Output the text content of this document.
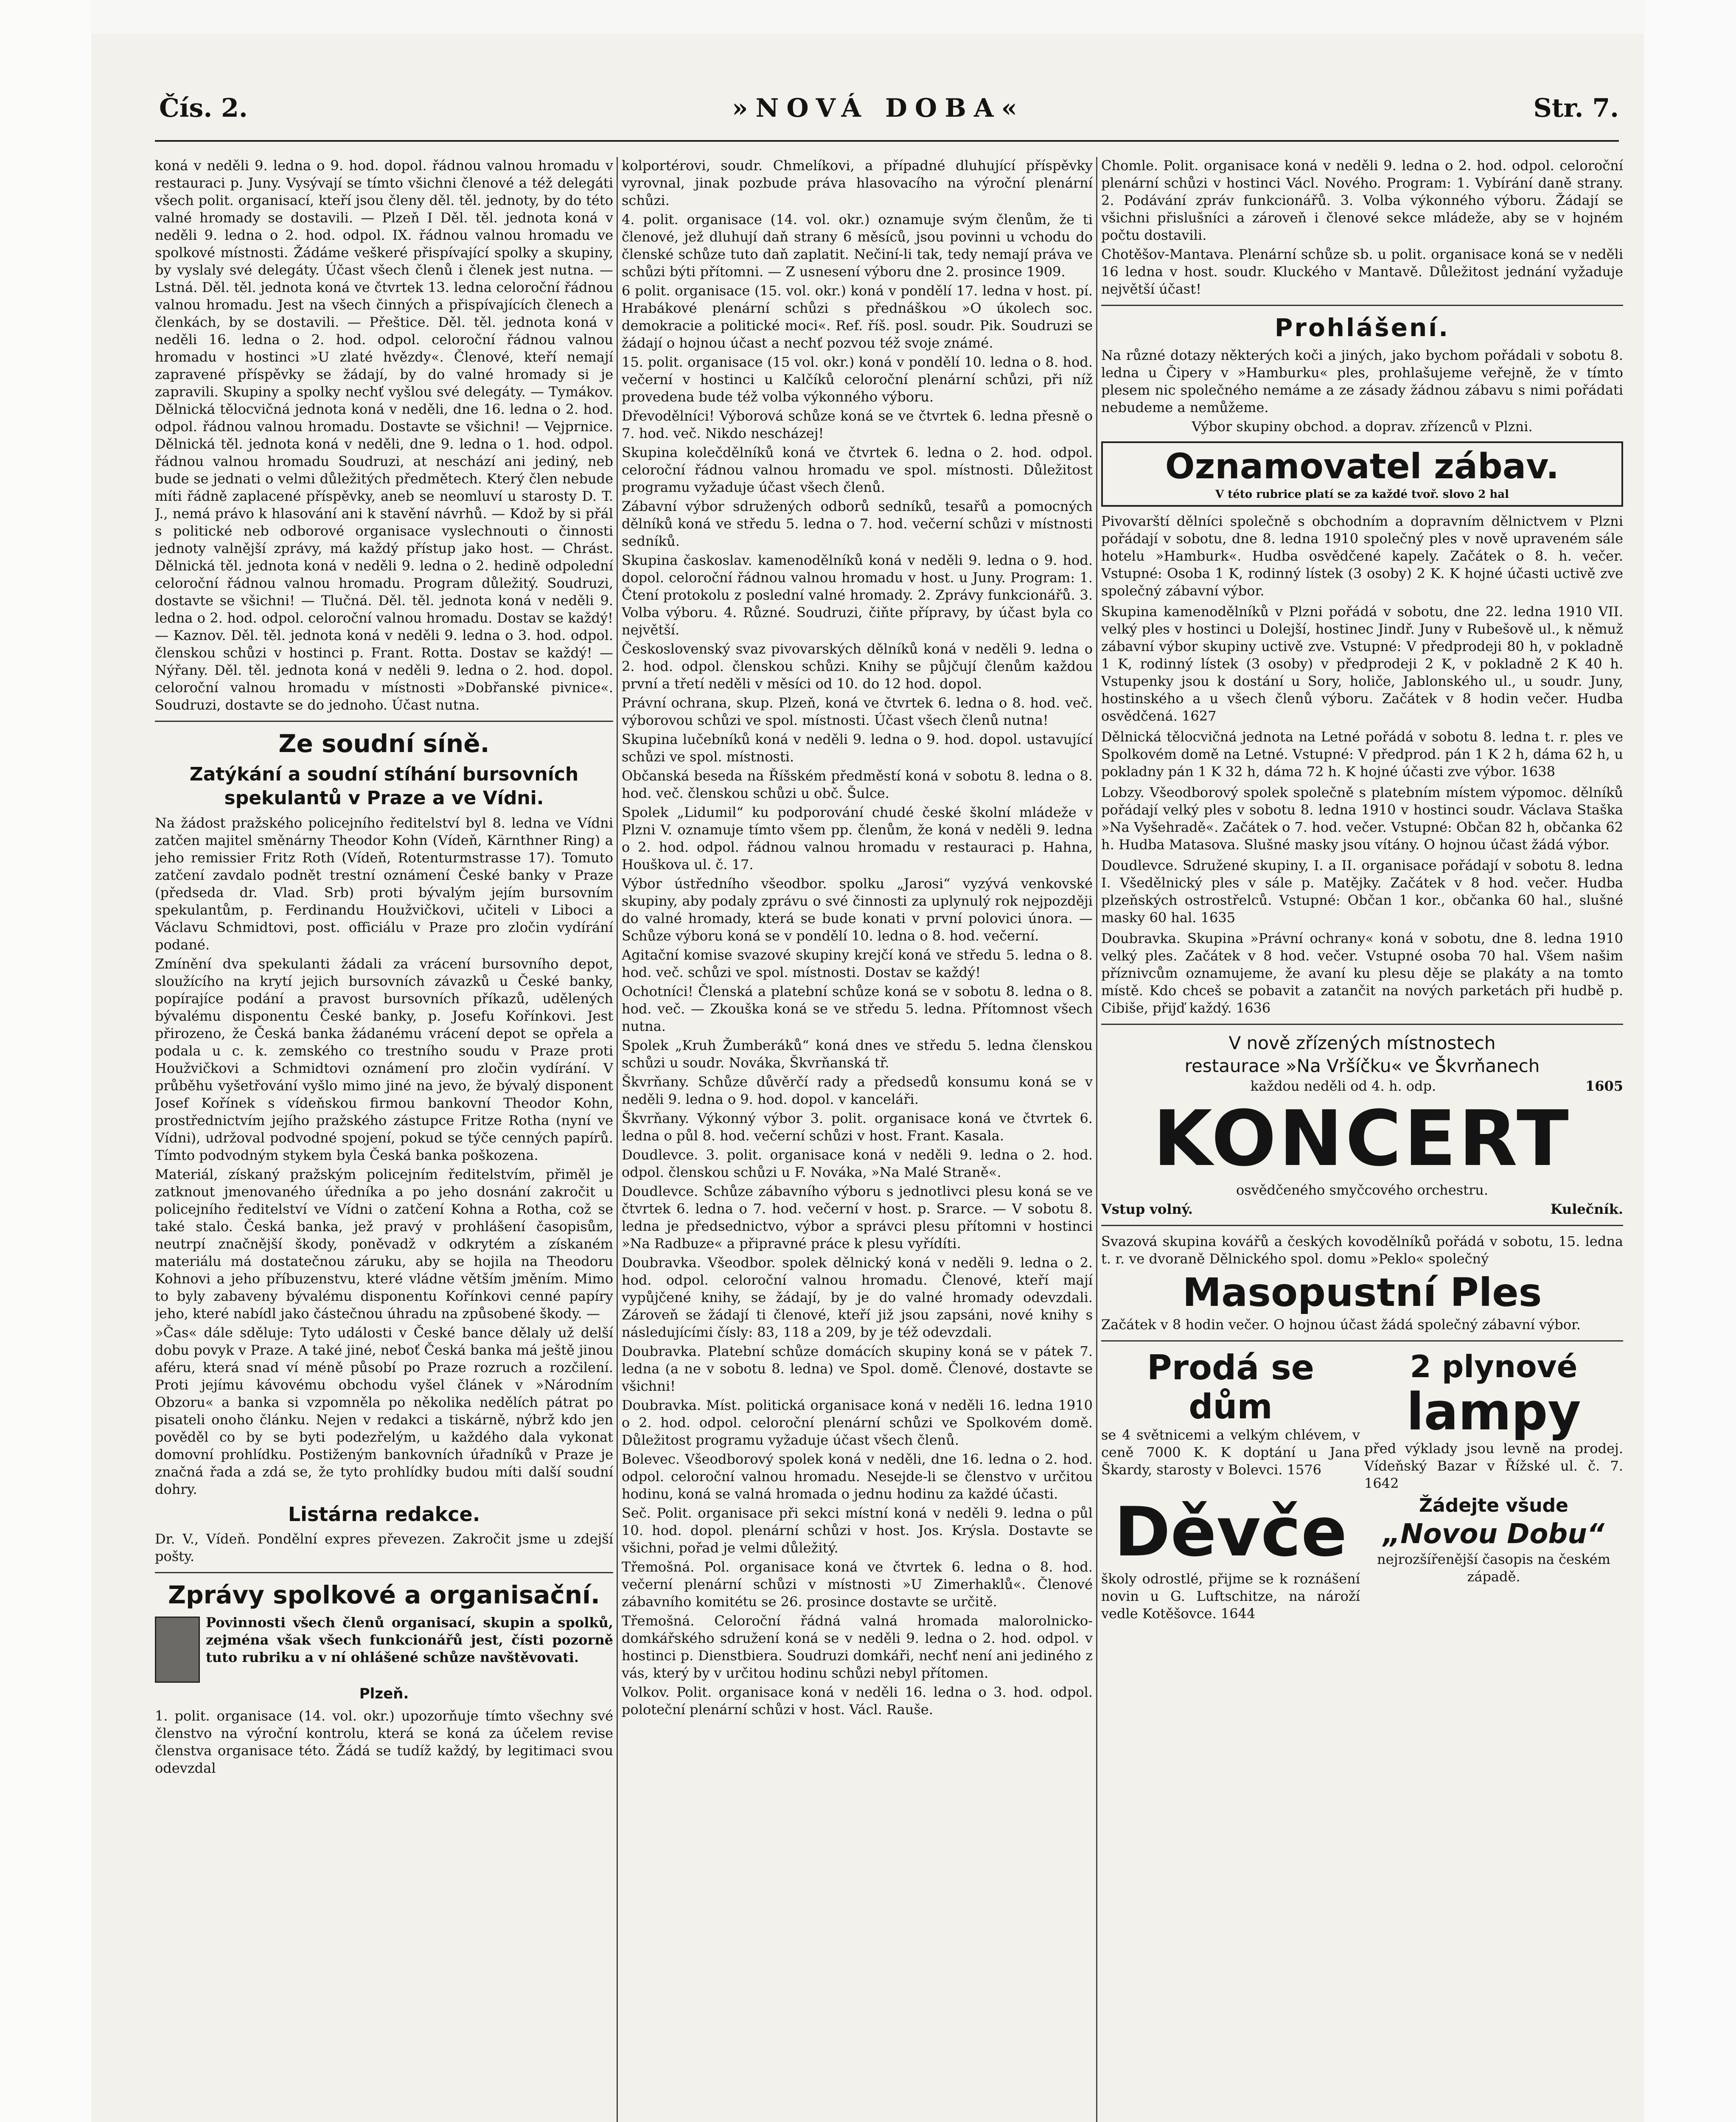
Čís. 2.	»NOVÁ DOBA«	Str. 7.

koná v neděli 9. ledna o 9. hod. dopol. řádnou valnou hromadu v restauraci p. Juny. Vysývají se tímto všichni členové a též delegáti všech polit. organisací, kteří jsou členy děl. těl. jednoty, by do této valné hromady se dostavili. — Plzeň I Děl. těl. jednota koná v neděli 9. ledna o 2. hod. odpol. IX. řádnou valnou hromadu ve spolkové místnosti. Žádáme veškeré přispívající spolky a skupiny, by vyslaly své delegáty. Účast všech členů i členek jest nutna. — Lstná. Děl. těl. jednota koná ve čtvrtek 13. ledna celoroční řádnou valnou hromadu. Jest na všech činných a přispívajících členech a členkách, by se dostavili. — Přeštice. Děl. těl. jednota koná v neděli 16. ledna o 2. hod. odpol. celoroční řádnou valnou hromadu v hostinci »U zlaté hvězdy«. Členové, kteří nemají zapravené příspěvky se žádají, by do valné hromady si je zapravili. Skupiny a spolky nechť vyšlou své delegáty. — Tymákov. Dělnická tělocvičná jednota koná v neděli, dne 16. ledna o 2. hod. odpol. řádnou valnou hromadu. Dostavte se všichni! — Vejprnice. Dělnická těl. jednota koná v neděli, dne 9. ledna o 1. hod. odpol. řádnou valnou hromadu Soudruzi, at neschází ani jediný, neb bude se jednati o velmi důležitých předmětech. Který člen nebude míti řádně zaplacené příspěvky, aneb se neomluví u starosty D. T. J., nemá právo k hlasování ani k stavění návrhů. — Kdož by si přál s politické neb odborové organisace vyslechnouti o činnosti jednoty valnější zprávy, má každý přístup jako host. — Chrást. Dělnická těl. jednota koná v neděli 9. ledna o 2. hedině odpolední celoroční řádnou valnou hromadu. Program důležitý. Soudruzi, dostavte se všichni! — Tlučná. Děl. těl. jednota koná v neděli 9. ledna o 2. hod. odpol. celoroční valnou hromadu. Dostav se každý! — Kaznov. Děl. těl. jednota koná v neděli 9. ledna o 3. hod. odpol. členskou schůzi v hostinci p. Frant. Rotta. Dostav se každý! — Nýřany. Děl. těl. jednota koná v neděli 9. ledna o 2. hod. dopol. celoroční valnou hromadu v místnosti »Dobřanské pivnice«. Soudruzi, dostavte se do jednoho. Účast nutna.

Ze soudní síně.
Zatýkání a soudní stíhání bursovních spekulantů v Praze a ve Vídni.

Na žádost pražského policejního ředitelství byl 8. ledna ve Vídni zatčen majitel směnárny Theodor Kohn (Vídeň, Kärnthner Ring) a jeho remissier Fritz Roth (Vídeň, Rotenturmstrasse 17). Tomuto zatčení zavdalo podnět trestní oznámení České banky v Praze (předseda dr. Vlad. Srb) proti bývalým jejím bursovním spekulantům, p. Ferdinandu Houžvičkovi, učiteli v Liboci a Václavu Schmidtovi, post. officiálu v Praze pro zločin vydírání podané.

Zmínění dva spekulanti žádali za vrácení bursovního depot, sloužícího na krytí jejich bursovních závazků u České banky, popírajíce podání a pravost bursovních příkazů, udělených bývalému disponentu České banky, p. Josefu Kořínkovi. Jest přirozeno, že Česká banka žádanému vrácení depot se opřela a podala u c. k. zemského co trestního soudu v Praze proti Houžvičkovi a Schmidtovi oznámení pro zločin vydírání. V průběhu vyšetřování vyšlo mimo jiné na jevo, že bývalý disponent Josef Kořínek s vídeňskou firmou bankovní Theodor Kohn, prostřednictvím jejího pražského zástupce Fritze Rotha (nyní ve Vídni), udržoval podvodné spojení, pokud se týče cenných papírů. Tímto podvodným stykem byla Česká banka poškozena.

Materiál, získaný pražským policejním ředitelstvím, přiměl je zatknout jmenovaného úředníka a po jeho dosnání zakročit u policejního ředitelství ve Vídni o zatčení Kohna a Rotha, což se také stalo. Česká banka, jež pravý v prohlášení časopisům, neutrpí značnější škody, poněvadž v odkrytém a získaném materiálu má dostatečnou záruku, aby se hojila na Theodoru Kohnovi a jeho příbuzenstvu, které vládne větším jměním. Mimo to byly zabaveny bývalému disponentu Kořínkovi cenné papíry jeho, které nabídl jako částečnou úhradu na způsobené škody. —

»Čas« dále sděluje: Tyto události v České bance dělaly už delší dobu povyk v Praze. A také jiné, neboť Česká banka má ještě jinou aféru, která snad ví méně působí po Praze rozruch a rozčilení. Proti jejímu kávovému obchodu vyšel článek v »Národním Obzoru« a banka si vzpomněla po několika nedělích pátrat po pisateli onoho článku. Nejen v redakci a tiskárně, nýbrž kdo jen pověděl co by se byti podezřelým, u každého dala vykonat domovní prohlídku. Postiženým bankovních úřadníků v Praze je značná řada a zdá se, že tyto prohlídky budou míti další soudní dohry.

Listárna redakce.

Dr. V., Vídeň. Pondělní expres převezen. Zakročit jsme u zdejší pošty.

Zprávy spolkové a organisační.

Povinnosti všech členů organisací, skupin a spolků, zejména však všech funkcionářů jest, čísti pozorně tuto rubriku a v ní ohlášené schůze navštěvovati.

Plzeň.

1. polit. organisace (14. vol. okr.) upozorňuje tímto všechny své členstvo na výroční kontrolu, která se koná za účelem revise členstva organisace této. Žádá se tudíž každý, by legitimaci svou odevzdal

kolportérovi, soudr. Chmelíkovi, a případné dluhující příspěvky vyrovnal, jinak pozbude práva hlasovacího na výroční plenární schůzi.

4. polit. organisace (14. vol. okr.) oznamuje svým členům, že ti členové, jež dluhují daň strany 6 měsíců, jsou povinni u vchodu do členské schůze tuto daň zaplatit. Nečiní-li tak, tedy nemají práva ve schůzi býti přítomni. — Z usnesení výboru dne 2. prosince 1909.

6 polit. organisace (15. vol. okr.) koná v pondělí 17. ledna v host. pí. Hrabákové plenární schůzi s přednáškou »O úkolech soc. demokracie a politické moci«. Ref. říš. posl. soudr. Pik. Soudruzi se žádají o hojnou účast a nechť pozvou též svoje známé.

15. polit. organisace (15 vol. okr.) koná v pondělí 10. ledna o 8. hod. večerní v hostinci u Kalčíků celoroční plenární schůzi, při níž provedena bude též volba výkonného výboru.

Dřevodělníci! Výborová schůze koná se ve čtvrtek 6. ledna přesně o 7. hod. več. Nikdo nescházej!

Skupina kolečdělníků koná ve čtvrtek 6. ledna o 2. hod. odpol. celoroční řádnou valnou hromadu ve spol. místnosti. Důležitost programu vyžaduje účast všech členů.

Zábavní výbor sdružených odborů sedníků, tesařů a pomocných dělníků koná ve středu 5. ledna o 7. hod. večerní schůzi v místnosti sedníků.

Skupina časkoslav. kamenodělníků koná v neděli 9. ledna o 9. hod. dopol. celoroční řádnou valnou hromadu v host. u Juny. Program: 1. Čtení protokolu z poslední valné hromady. 2. Zprávy funkcionářů. 3. Volba výboru. 4. Různé. Soudruzi, čiňte přípravy, by účast byla co největší.

Československý svaz pivovarských dělníků koná v neděli 9. ledna o 2. hod. odpol. členskou schůzi. Knihy se půjčují členům každou první a třetí neděli v měsíci od 10. do 12 hod. dopol.

Právní ochrana, skup. Plzeň, koná ve čtvrtek 6. ledna o 8. hod. več. výborovou schůzi ve spol. místnosti. Účast všech členů nutna!

Skupina lučebníků koná v neděli 9. ledna o 9. hod. dopol. ustavující schůzi ve spol. místnosti.

Občanská beseda na Říšském předměstí koná v sobotu 8. ledna o 8. hod. več. členskou schůzi u obč. Šulce.

Spolek „Lidumil“ ku podporování chudé české školní mládeže v Plzni V. oznamuje tímto všem pp. členům, že koná v neděli 9. ledna o 2. hod. odpol. řádnou valnou hromadu v restauraci p. Hahna, Houškova ul. č. 17.

Výbor ústředního všeodbor. spolku „Jarosi“ vyzývá venkovské skupiny, aby podaly zprávu o své činnosti za uplynulý rok nejpozději do valné hromady, která se bude konati v první polovici února. — Schůze výboru koná se v pondělí 10. ledna o 8. hod. večerní.

Agitační komise svazové skupiny krejčí koná ve středu 5. ledna o 8. hod. več. schůzi ve spol. místnosti. Dostav se každý!

Ochotníci! Členská a platební schůze koná se v sobotu 8. ledna o 8. hod. več. — Zkouška koná se ve středu 5. ledna. Přítomnost všech nutna.

Spolek „Kruh Žumberáků“ koná dnes ve středu 5. ledna členskou schůzi u soudr. Nováka, Škvrňanská tř.

Škvrňany. Schůze důvěrčí rady a předsedů konsumu koná se v neděli 9. ledna o 9. hod. dopol. v kanceláři.

Škvrňany. Výkonný výbor 3. polit. organisace koná ve čtvrtek 6. ledna o půl 8. hod. večerní schůzi v host. Frant. Kasala.

Doudlevce. 3. polit. organisace koná v neděli 9. ledna o 2. hod. odpol. členskou schůzi u F. Nováka, »Na Malé Straně«.

Doudlevce. Schůze zábavního výboru s jednotlivci plesu koná se ve čtvrtek 6. ledna o 7. hod. večerní v host. p. Srarce. — V sobotu 8. ledna je předsednictvo, výbor a správci plesu přítomni v hostinci »Na Radbuze« a připravné práce k plesu vyřídíti.

Doubravka. Všeodbor. spolek dělnický koná v neděli 9. ledna o 2. hod. odpol. celoroční valnou hromadu. Členové, kteří mají vypůjčené knihy, se žádají, by je do valné hromady odevzdali. Zároveň se žádají ti členové, kteří již jsou zapsáni, nové knihy s následujícími čísly: 83, 118 a 209, by je též odevzdali.

Doubravka. Platební schůze domácích skupiny koná se v pátek 7. ledna (a ne v sobotu 8. ledna) ve Spol. domě. Členové, dostavte se všichni!

Doubravka. Míst. politická organisace koná v neděli 16. ledna 1910 o 2. hod. odpol. celoroční plenární schůzi ve Spolkovém domě. Důležitost programu vyžaduje účast všech členů.

Bolevec. Všeodborový spolek koná v neděli, dne 16. ledna o 2. hod. odpol. celoroční valnou hromadu. Nesejde-li se členstvo v určitou hodinu, koná se valná hromada o jednu hodinu za každé účasti.

Seč. Polit. organisace při sekci místní koná v neděli 9. ledna o půl 10. hod. dopol. plenární schůzi v host. Jos. Krýsla. Dostavte se všichni, pořad je velmi důležitý.

Třemošná. Pol. organisace koná ve čtvrtek 6. ledna o 8. hod. večerní plenární schůzi v místnosti »U Zimerhaklů«. Členové zábavního komitétu se 26. prosince dostavte se určitě.

Třemošná. Celoroční řádná valná hromada malorolnicko-domkářského sdružení koná se v neděli 9. ledna o 2. hod. odpol. v hostinci p. Dienstbiera. Soudruzi domkáři, nechť není ani jediného z vás, který by v určitou hodinu schůzi nebyl přítomen.

Volkov. Polit. organisace koná v neděli 16. ledna o 3. hod. odpol. poloteční plenární schůzi v host. Václ. Rauše.

Chomle. Polit. organisace koná v neděli 9. ledna o 2. hod. odpol. celoroční plenární schůzi v hostinci Václ. Nového. Program: 1. Vybírání daně strany. 2. Podávání zpráv funkcionářů. 3. Volba výkonného výboru. Žádají se všichni přislušníci a zároveň i členové sekce mládeže, aby se v hojném počtu dostavili.

Chotěšov-Mantava. Plenární schůze sb. u polit. organisace koná se v neděli 16 ledna v host. soudr. Kluckého v Mantavě. Důležitost jednání vyžaduje největší účast!

Prohlášení.

Na různé dotazy některých koči a jiných, jako bychom pořádali v sobotu 8. ledna u Čipery v »Hamburku« ples, prohlašujeme veřejně, že v tímto plesem nic společného nemáme a ze zásady žádnou zábavu s nimi pořádati nebudeme a nemůžeme.

Výbor skupiny obchod. a doprav. zřízenců v Plzni.

Oznamovatel zábav.
V této rubrice platí se za každé tvoř. slovo 2 hal

Pivovarští dělníci společně s obchodním a dopravním dělnictvem v Plzni pořádají v sobotu, dne 8. ledna 1910 společný ples v nově upraveném sále hotelu »Hamburk«. Hudba osvědčené kapely. Začátek o 8. h. večer. Vstupné: Osoba 1 K, rodinný lístek (3 osoby) 2 K. K hojné účasti uctivě zve společný zábavní výbor.

Skupina kamenodělníků v Plzni pořádá v sobotu, dne 22. ledna 1910 VII. velký ples v hostinci u Dolejší, hostinec Jindř. Juny v Rubešově ul., k němuž zábavní výbor skupiny uctivě zve. Vstupné: V předprodeji 80 h, v pokladně 1 K, rodinný lístek (3 osoby) v předprodeji 2 K, v pokladně 2 K 40 h. Vstupenky jsou k dostání u Sory, holiče, Jablonského ul., u soudr. Juny, hostinského a u všech členů výboru. Začátek v 8 hodin večer. Hudba osvědčená. 1627

Dělnická tělocvičná jednota na Letné pořádá v sobotu 8. ledna t. r. ples ve Spolkovém domě na Letné. Vstupné: V předprod. pán 1 K 2 h, dáma 62 h, u pokladny pán 1 K 32 h, dáma 72 h. K hojné účasti zve výbor. 1638

Lobzy. Všeodborový spolek společně s platebním místem výpomoc. dělníků pořádají velký ples v sobotu 8. ledna 1910 v hostinci soudr. Václava Staška »Na Vyšehradě«. Začátek o 7. hod. večer. Vstupné: Občan 82 h, občanka 62 h. Hudba Matasova. Slušné masky jsou vítány. O hojnou účast žádá výbor.

Doudlevce. Sdružené skupiny, I. a II. organisace pořádají v sobotu 8. ledna I. Všedělnický ples v sále p. Matějky. Začátek v 8 hod. večer. Hudba plzeňských ostrostřelců. Vstupné: Občan 1 kor., občanka 60 hal., slušné masky 60 hal. 1635

Doubravka. Skupina »Právní ochrany« koná v sobotu, dne 8. ledna 1910 velký ples. Začátek v 8 hod. večer. Vstupné osoba 70 hal. Všem našim příznivcům oznamujeme, že avaní ku plesu děje se plakáty a na tomto místě. Kdo chceš se pobavit a zatančit na nových parketách při hudbě p. Cibiše, přijď každý. 1636

V nově zřízených místnostech
restaurace »Na Vršíčku« ve Škvrňanech
každou neděli od 4. h. odp.	1605
KONCERT
osvědčeného smyčcového orchestru.
Vstup volný.	Kulečník.

Svazová skupina kovářů a českých kovodělníků pořádá v sobotu, 15. ledna t. r. ve dvoraně Dělnického spol. domu »Peklo« společný

Masopustní Ples

Začátek v 8 hodin večer. O hojnou účast žádá společný zábavní výbor.

Prodá se
dům

se 4 světnicemi a velkým chlévem, v ceně 7000 K. K doptání u Jana Škardy, starosty v Bolevci. 1576

2 plynové
lampy

před výklady jsou levně na prodej. Vídeňský Bazar v Řížské ul. č. 7. 1642

Děvče

školy odrostlé, přijme se k roznášení novin u G. Luftschitze, na nároží vedle Kotěšovce. 1644

Žádejte všude
„Novou Dobu“

nejrozšířenější časopis na českém západě.
